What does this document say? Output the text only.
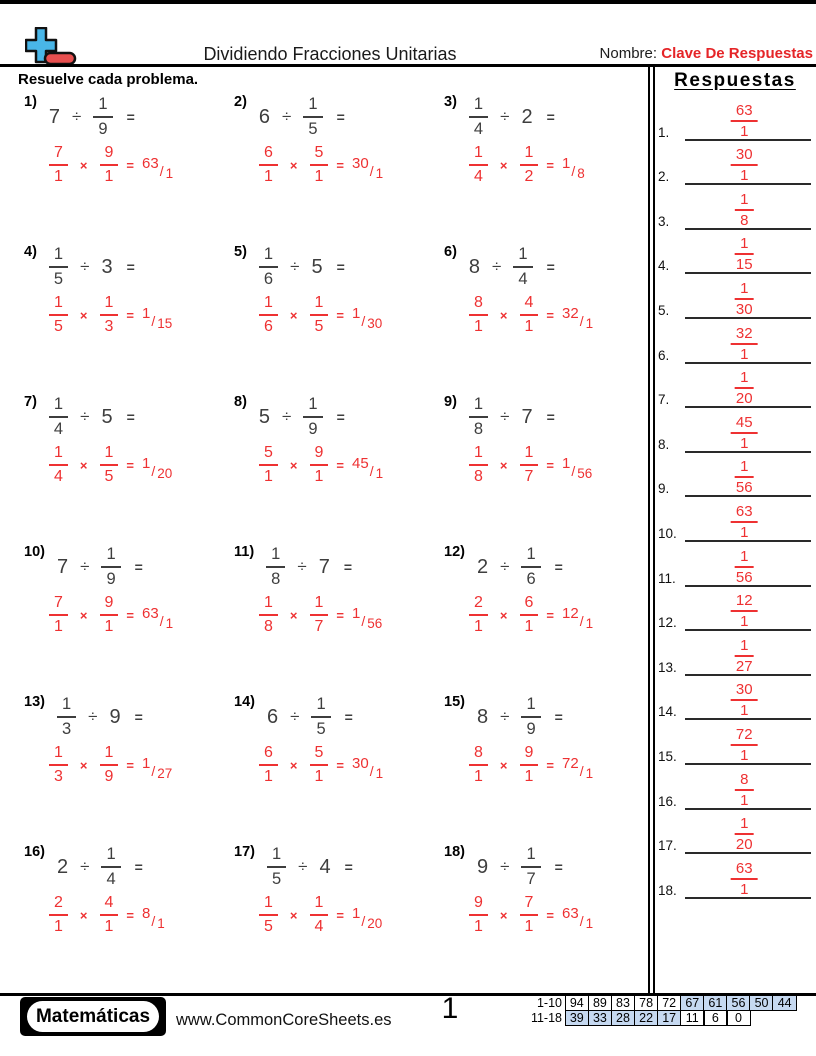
Dividiendo Fracciones Unitarias	Nombre: Clave De Respuestas
Resuelve cada problema.
1)
$7 \div \frac{1}{9}$ =
$\frac{7}{1} \times \frac{9}{1} = 63 / 1$
2)
$6 \div \frac{1}{5}$ =
$\frac{6}{1} \times \frac{5}{1} = 30 / 1$
$3) \frac{1}{4} \div 2$ =
$\frac{1}{4} \times \frac{1}{2} = 1 / 8$
$4) \frac{1}{5} \div 3$ =
$\frac{1}{5} \times \frac{1}{3} = 1 / 15$
$5) \frac{1}{6} \div 5$ =
$\frac{1}{6} \times \frac{1}{5} = 1 / 30$
6)
$8 \div \frac{1}{4}$ =
$\frac{8}{1} \times \frac{4}{1} = 32 / 1$
$7) \frac{1}{4} \div 5$ =
$\frac{1}{4} \times \frac{1}{5} = 1 / 20$
8)
$5 \div \frac{1}{9}$ =
$\frac{5}{1} \times \frac{9}{1} = 45 / 1$
$9) \frac{1}{8} \div 7$ =
$\frac{1}{8} \times \frac{1}{7} = 1 / 56$
10)
$7 \div \frac{1}{9}$ =
$\frac{7}{1} \times \frac{9}{1} = 63 / 1$
$11) \frac{1}{8} \div 7$ =
$\frac{1}{8} \times \frac{1}{7} = 1 / 56$
12)
$2 \div \frac{1}{6}$ =
$\frac{2}{1} \times \frac{6}{1} = 12 / 1$
$13) \frac{1}{3} \div 9$ =
$\frac{1}{3} \times \frac{1}{9} = 1 / 27$
14)
$6 \div \frac{1}{5}$ =
$\frac{6}{1} \times \frac{5}{1} = 30 / 1$
15)
$8 \div \frac{1}{9}$ =
$\frac{8}{1} \times \frac{9}{1} = 72 / 1$
16)
$2 \div \frac{1}{4}$ =
$\frac{2}{1} \times \frac{4}{1} = 8 / 1$
$17) \frac{1}{5} \div 4$ =
$\frac{1}{5} \times \frac{1}{4} = 1 / 20$
18)
$9 \div \frac{1}{7}$ =
$\frac{9}{1} \times \frac{7}{1} = 63 / 1$
Respuestas
1.	$\frac{63}{1}$
2.	$\frac{30}{1}$
3.	$\frac{1}{8}$
4.	$\frac{1}{15}$
5.	$\frac{1}{30}$
6.	$\frac{32}{1}$
7.	$\frac{1}{20}$
8.	$\frac{45}{1}$
9.	$\frac{1}{56}$
10.	$\frac{63}{1}$
11.	$\frac{1}{56}$
12.	$\frac{12}{1}$
13.	$\frac{1}{27}$
14.	$\frac{30}{1}$
15.	$\frac{72}{1}$
16.	$\frac{8}{1}$
17.	$\frac{1}{20}$
18.	$\frac{63}{1}$
Matemáticas	www.CommonCoreSheets.es	1	1-10 94 89 83 78 72 67 61 56 50 44
11-18 39 33 28 22 17 11	6	0
